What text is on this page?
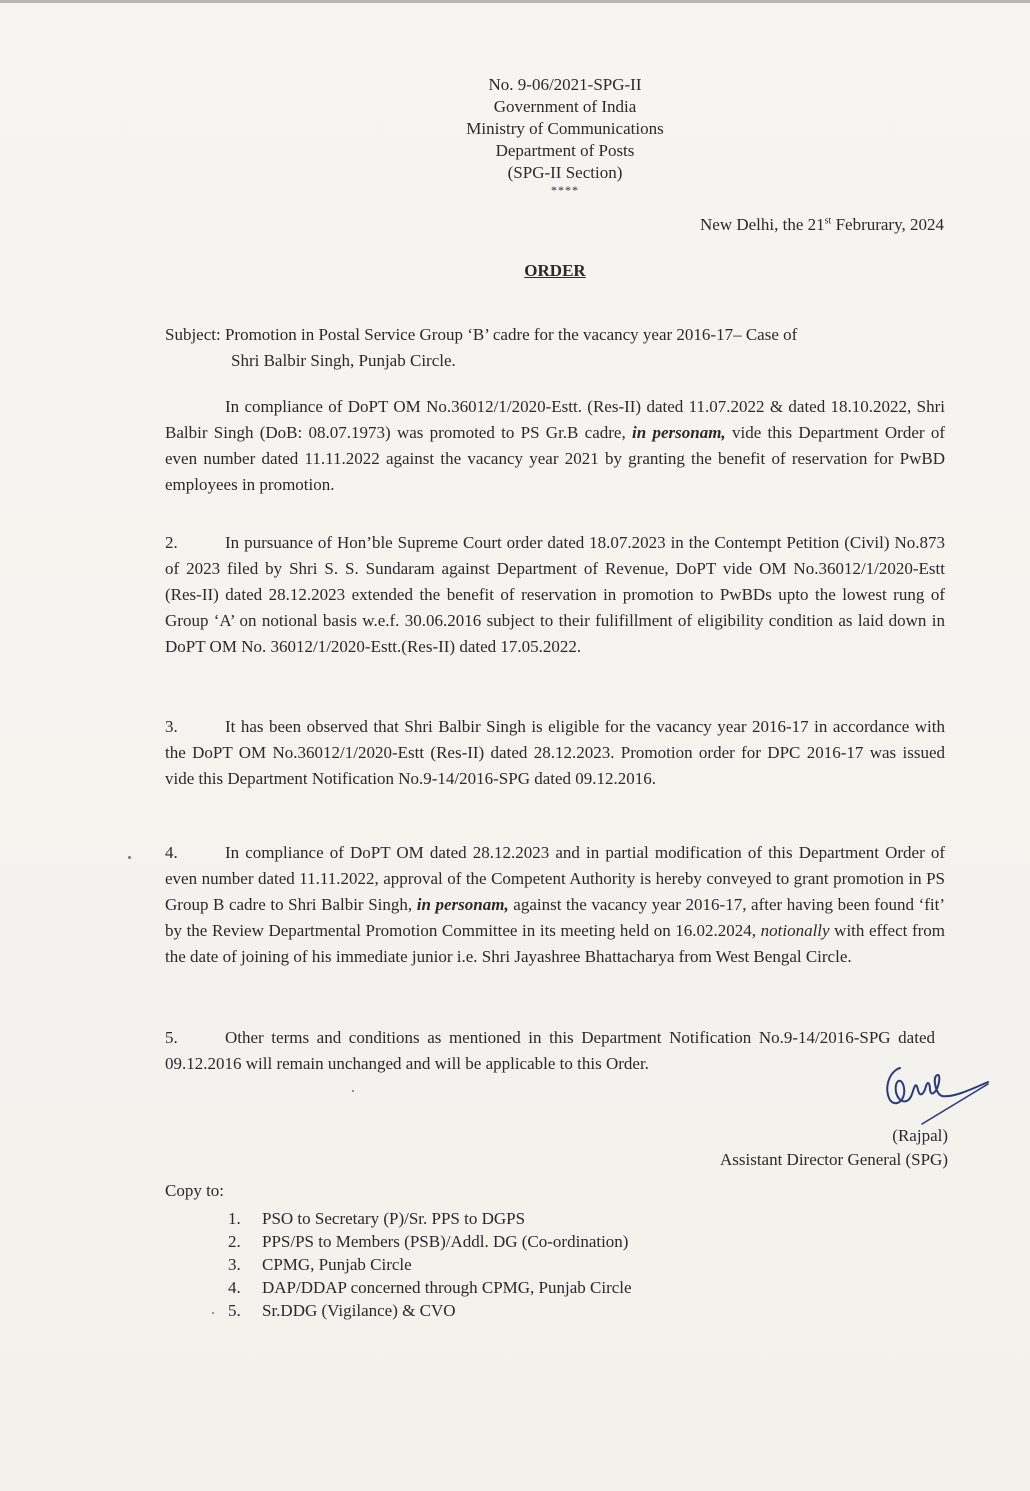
No. 9-06/2021-SPG-II
Government of India
Ministry of Communications
Department of Posts
(SPG-II Section)
****
New Delhi, the 21st Februrary, 2024
ORDER
Subject: Promotion in Postal Service Group ‘B’ cadre for the vacancy year 2016-17– Case of
Shri Balbir Singh, Punjab Circle.
In compliance of DoPT OM No.36012/1/2020-Estt. (Res-II) dated 11.07.2022 & dated 18.10.2022, Shri Balbir Singh (DoB: 08.07.1973) was promoted to PS Gr.B cadre, in personam, vide this Department Order of even number dated 11.11.2022 against the vacancy year 2021 by granting the benefit of reservation for PwBD employees in promotion.
2.	In pursuance of Hon’ble Supreme Court order dated 18.07.2023 in the Contempt Petition (Civil) No.873 of 2023 filed by Shri S. S. Sundaram against Department of Revenue, DoPT vide OM No.36012/1/2020-Estt (Res-II) dated 28.12.2023 extended the benefit of reservation in promotion to PwBDs upto the lowest rung of Group ‘A’ on notional basis w.e.f. 30.06.2016 subject to their fulifillment of eligibility condition as laid down in DoPT OM No. 36012/1/2020-Estt.(Res-II) dated 17.05.2022.
3.	It has been observed that Shri Balbir Singh is eligible for the vacancy year 2016-17 in accordance with the DoPT OM No.36012/1/2020-Estt (Res-II) dated 28.12.2023. Promotion order for DPC 2016-17 was issued vide this Department Notification No.9-14/2016-SPG dated 09.12.2016.
4.	In compliance of DoPT OM dated 28.12.2023 and in partial modification of this Department Order of even number dated 11.11.2022, approval of the Competent Authority is hereby conveyed to grant promotion in PS Group B cadre to Shri Balbir Singh, in personam, against the vacancy year 2016-17, after having been found ‘fit’ by the Review Departmental Promotion Committee in its meeting held on 16.02.2024, notionally with effect from the date of joining of his immediate junior i.e. Shri Jayashree Bhattacharya from West Bengal Circle.
5.	Other terms and conditions as mentioned in this Department Notification No.9-14/2016-SPG dated 09.12.2016 will remain unchanged and will be applicable to this Order.
(Rajpal)
Assistant Director General (SPG)
Copy to:
1. PSO to Secretary (P)/Sr. PPS to DGPS
2. PPS/PS to Members (PSB)/Addl. DG (Co-ordination)
3. CPMG, Punjab Circle
4. DAP/DDAP concerned through CPMG, Punjab Circle
5. Sr.DDG (Vigilance) & CVO
